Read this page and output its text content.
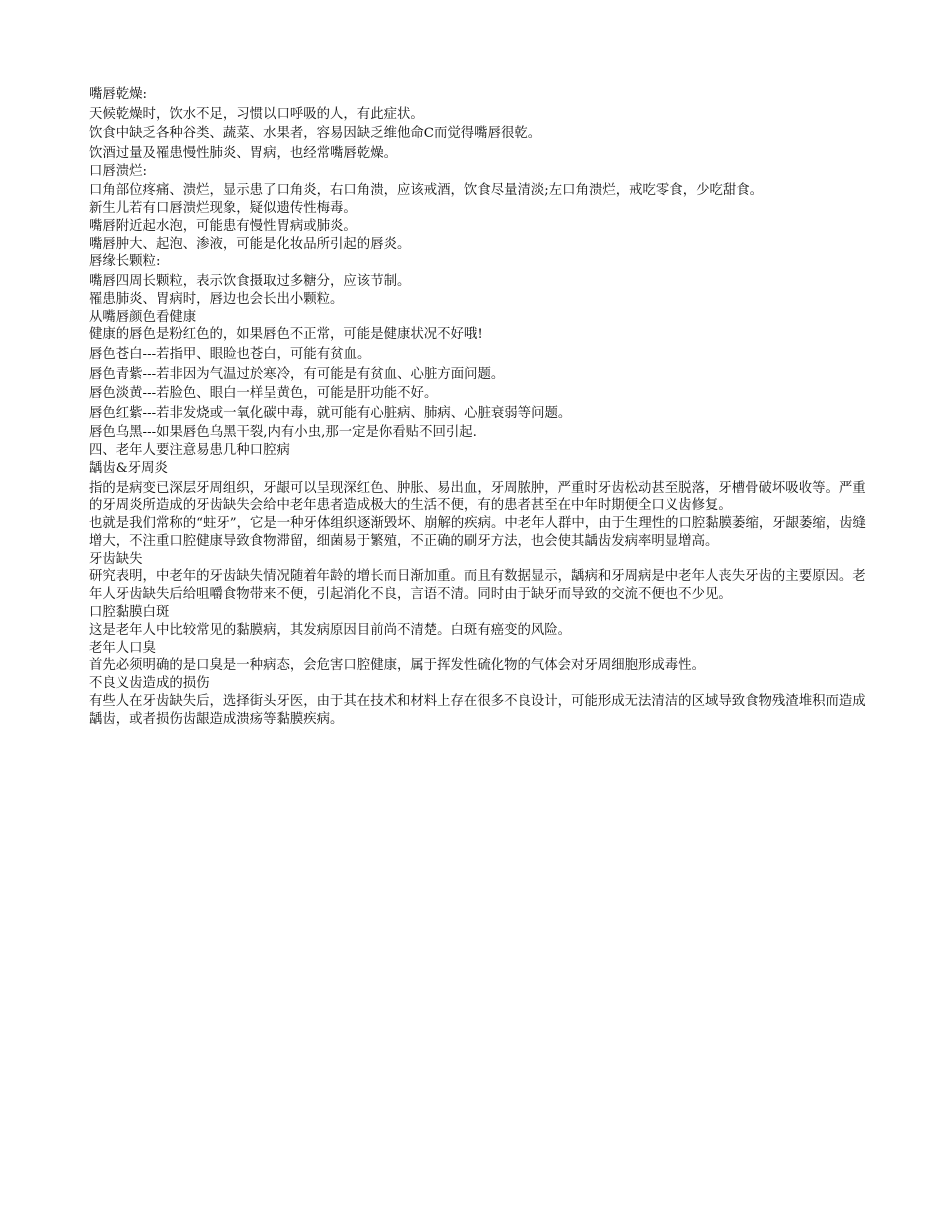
嘴唇乾燥:

天候乾燥时，饮水不足，习惯以口呼吸的人，有此症状。

饮食中缺乏各种谷类、蔬菜、水果者，容易因缺乏维他命C而觉得嘴唇很乾。

饮酒过量及罹患慢性肺炎、胃病，也经常嘴唇乾燥。

口唇溃烂:

口角部位疼痛、溃烂，显示患了口角炎，右口角溃，应该戒酒，饮食尽量清淡;左口角溃烂，戒吃零食，少吃甜食。

新生儿若有口唇溃烂现象，疑似遗传性梅毒。

嘴唇附近起水泡，可能患有慢性胃病或肺炎。

嘴唇肿大、起泡、渗液，可能是化妆品所引起的唇炎。

唇缘长颗粒:

嘴唇四周长颗粒，表示饮食摄取过多糖分，应该节制。

罹患肺炎、胃病时，唇边也会长出小颗粒。

从嘴唇颜色看健康

健康的唇色是粉红色的，如果唇色不正常，可能是健康状况不好哦!

唇色苍白---若指甲、眼睑也苍白，可能有贫血。

唇色青紫---若非因为气温过於寒冷，有可能是有贫血、心脏方面问题。

唇色淡黄---若脸色、眼白一样呈黄色，可能是肝功能不好。

唇色红紫---若非发烧或一氧化碳中毒，就可能有心脏病、肺病、心脏衰弱等问题。

唇色乌黑---如果唇色乌黑干裂,内有小虫,那一定是你看贴不回引起.

四、老年人要注意易患几种口腔病

龋齿&牙周炎

指的是病变已深层牙周组织，牙龈可以呈现深红色、肿胀、易出血，牙周脓肿，严重时牙齿松动甚至脱落，牙槽骨破坏吸收等。严重的牙周炎所造成的牙齿缺失会给中老年患者造成极大的生活不便，有的患者甚至在中年时期便全口义齿修复。

也就是我们常称的“蛀牙”，它是一种牙体组织逐渐毁坏、崩解的疾病。中老年人群中，由于生理性的口腔黏膜萎缩，牙龈萎缩，齿缝增大，不注重口腔健康导致食物滞留，细菌易于繁殖，不正确的刷牙方法，也会使其龋齿发病率明显增高。

牙齿缺失

研究表明，中老年的牙齿缺失情况随着年龄的增长而日渐加重。而且有数据显示，龋病和牙周病是中老年人丧失牙齿的主要原因。老年人牙齿缺失后给咀嚼食物带来不便，引起消化不良，言语不清。同时由于缺牙而导致的交流不便也不少见。

口腔黏膜白斑

这是老年人中比较常见的黏膜病，其发病原因目前尚不清楚。白斑有癌变的风险。

老年人口臭

首先必须明确的是口臭是一种病态，会危害口腔健康，属于挥发性硫化物的气体会对牙周细胞形成毒性。

不良义齿造成的损伤

有些人在牙齿缺失后，选择街头牙医，由于其在技术和材料上存在很多不良设计，可能形成无法清洁的区域导致食物残渣堆积而造成龋齿，或者损伤齿龈造成溃疡等黏膜疾病。
